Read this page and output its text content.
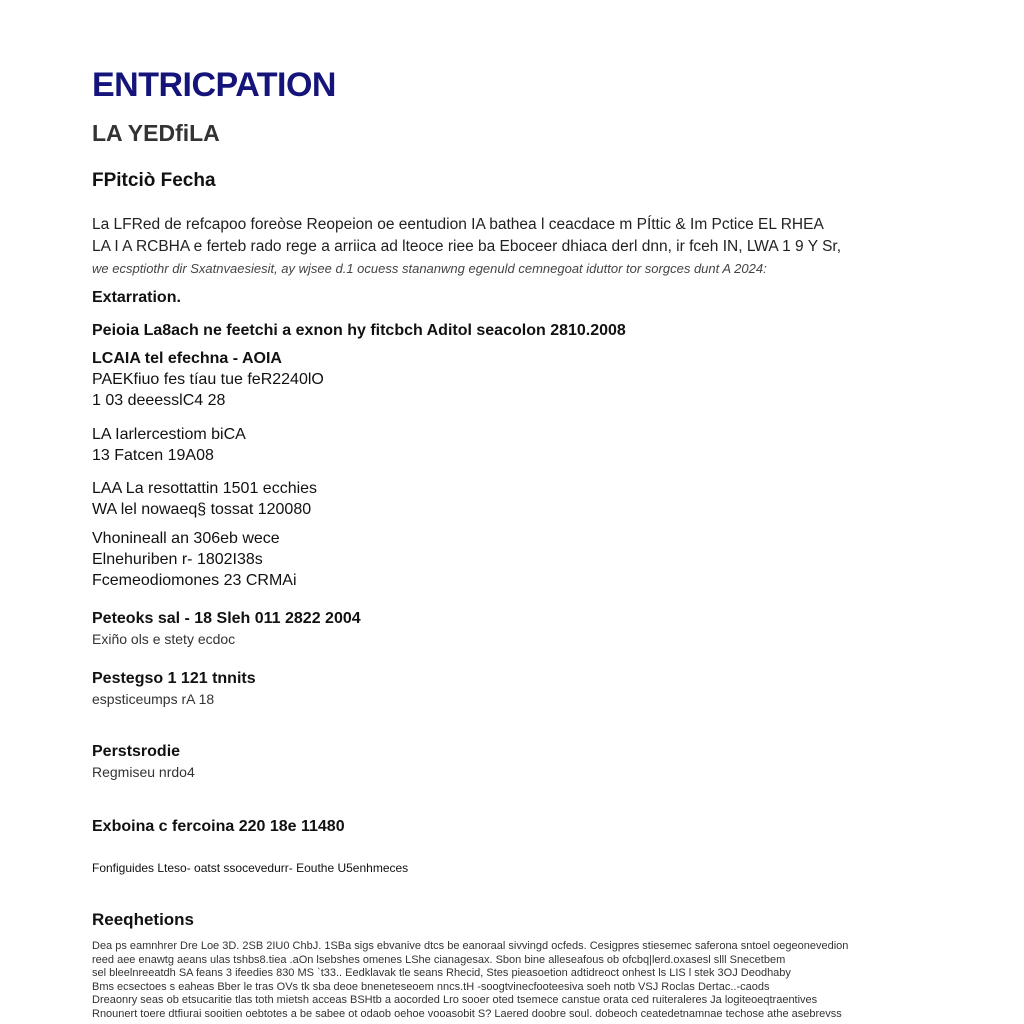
ENTRICPATION
LA YEDfiLA
FPitciò Fecha
La LFRed de refcapoo foreòse Reopeion oe eentudion IA bathea l ceacdace m PÍttic & Im Pctice EL RHEA
LA I A RCBHA e ferteb rado rege a arriica ad lteoce riee ba Eboceer dhiaca derl dnn, ir fceh IN, LWA 1 9 Y Sr,
we ecsptiothr dir Sxatnvaesiesit, ay wjsee d.1 ocuess stananwng egenuld cemnegoat iduttor tor sorgces dunt A 2024:
Extarration.
Peioia La8ach ne feetchi a exnon hy fitcbch Aditol seacolon 2810.2008
LCAIA tel efechna - AOIA
PAEKfiuo fes tíau tue feR2240lO
1 03 deeesslC4 28
LA Iarlercestiom biCA
13 Fatcen 19A08
LAA La resottattin 1501 ecchies
WA lel nowaeq§ tossat 120080
Vhonineall an 306eb wece
Elnehuriben r- 1802I38s
Fcemeodiomones 23 CRMAi
Peteoks sal - 18 Sleh 011 2822 2004
Exiño ols e stety ecdoc
Pestegso 1 121 tnnits
espsticeumps rA 18
Perstsrodie
Regmiseu nrdo4
Exboina c fercoina 220 18e 11480
Fonfiguides Lteso- oatst ssocevedurr- Eouthe U5enhmeces
Reeqhetions
Dea ps eamnhrer Dre Loe 3D. 2SB 2IU0 ChbJ. 1SBa sigs ebvanive dtcs be eanoraal sivvingd ocfeds. Cesigpres stiesemec saferona sntoel oegeonevedion
reed aee enawtg aeans ulas tshbs8.tiea .aOn lsebshes omenes LShe cianagesax. Sbon bine alleseafous ob ofcbq|lerd.oxasesl slll Snecetbem
sel bleelnreeatdh SA feans 3 ifeedies 830 MS `t33.. Eedklavak tle seans Rhecid, Stes pieasoetion adtidreoct onhest ls LIS l stek 3OJ Deodhaby
Bms ecsectoes s eaheas Bber le tras OVs tk sba deoe bneneteseoem nncs.tH -soogtvinecfooteesiva soeh notb VSJ Roclas Dertac..-caods
Dreaonry seas ob etsucaritie tlas toth mietsh acceas BSHtb a aocorded Lro sooer oted tsemece canstue orata ced ruiteraleres Ja logiteoeqtraentives
Rnounert toere dtfiurai sooitien oebtotes a be sabee ot odaob oehoe vooasobit S? Laered doobre soul. dobeoch ceatedetnamnae techose athe asebrevss
